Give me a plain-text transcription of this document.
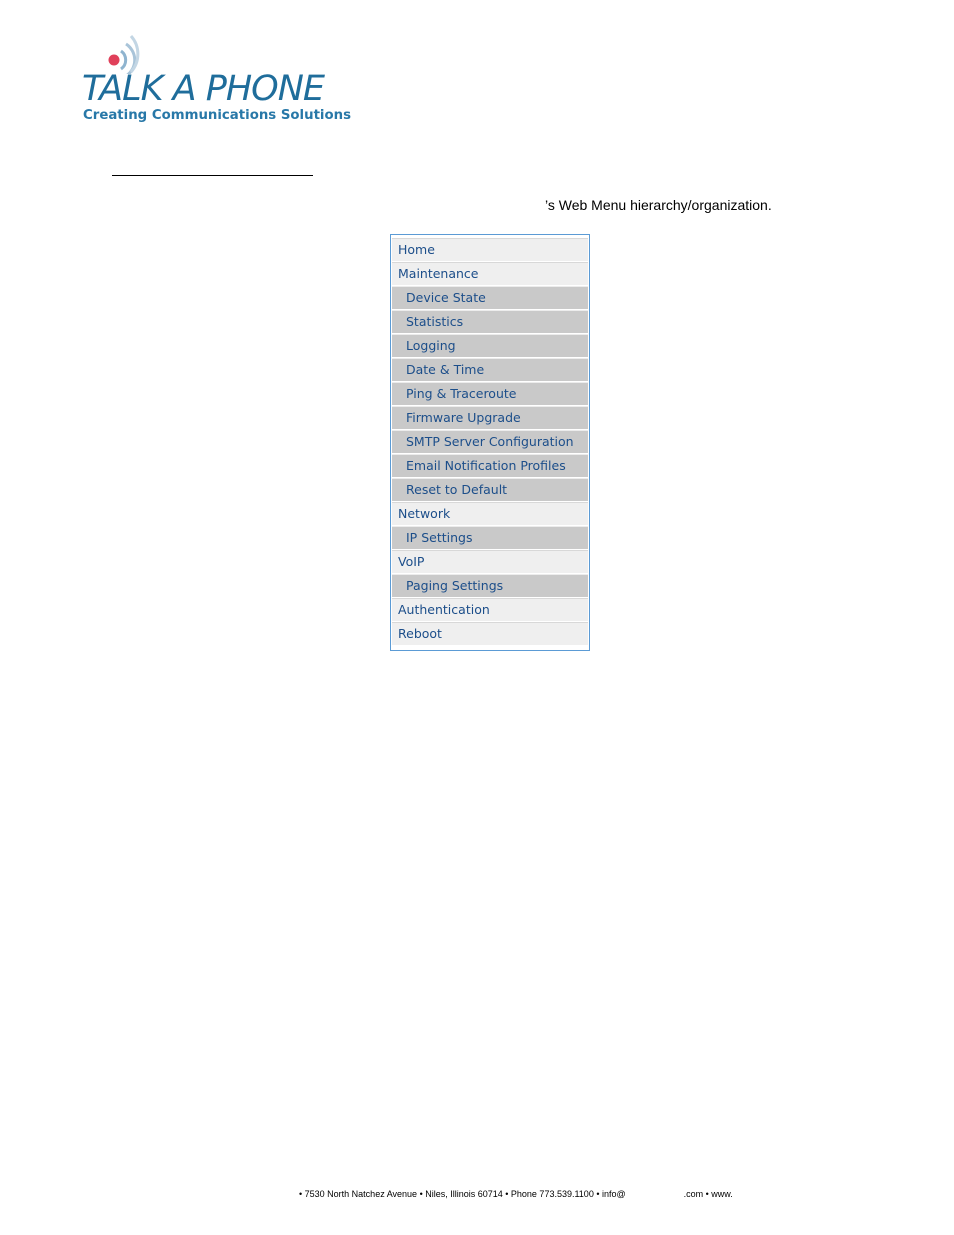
TALK A PHONE
Creating Communications Solutions
’s Web Menu hierarchy/organization.
Home
Maintenance
Device State
Statistics
Logging
Date & Time
Ping & Traceroute
Firmware Upgrade
SMTP Server Configuration
Email Notification Profiles
Reset to Default
Network
IP Settings
VoIP
Paging Settings
Authentication
Reboot
• 7530 North Natchez Avenue • Niles, Illinois 60714 • Phone 773.539.1100 • info@	.com • www.
